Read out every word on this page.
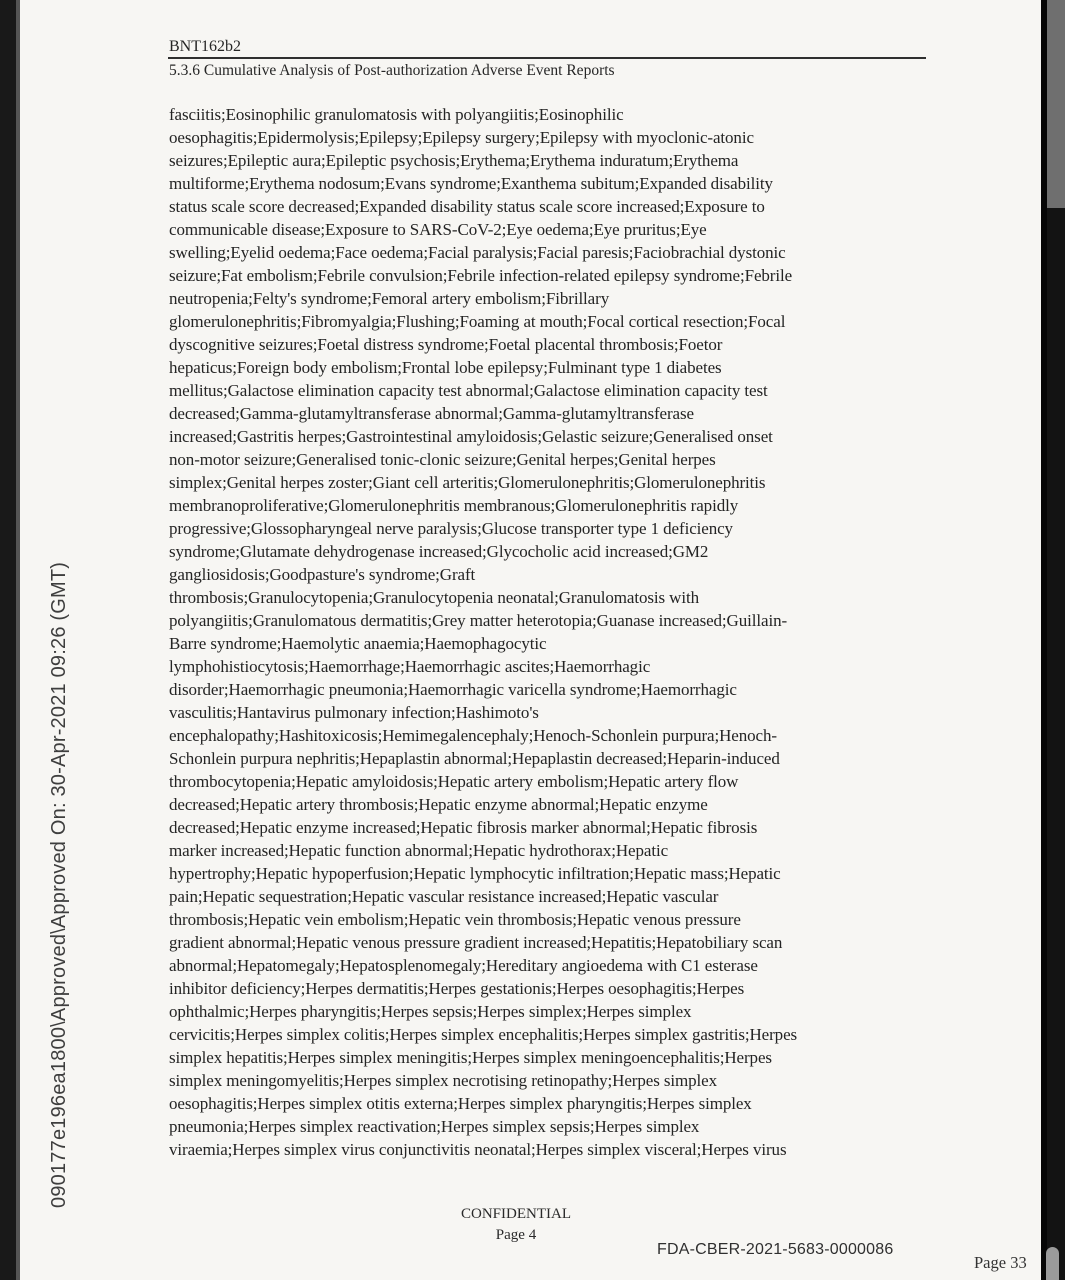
090177e196ea1800\Approved\Approved On: 30-Apr-2021 09:26 (GMT)
BNT162b2
5.3.6 Cumulative Analysis of Post-authorization Adverse Event Reports
fasciitis;Eosinophilic granulomatosis with polyangiitis;Eosinophilic
oesophagitis;Epidermolysis;Epilepsy;Epilepsy surgery;Epilepsy with myoclonic-atonic
seizures;Epileptic aura;Epileptic psychosis;Erythema;Erythema induratum;Erythema
multiforme;Erythema nodosum;Evans syndrome;Exanthema subitum;Expanded disability
status scale score decreased;Expanded disability status scale score increased;Exposure to
communicable disease;Exposure to SARS-CoV-2;Eye oedema;Eye pruritus;Eye
swelling;Eyelid oedema;Face oedema;Facial paralysis;Facial paresis;Faciobrachial dystonic
seizure;Fat embolism;Febrile convulsion;Febrile infection-related epilepsy syndrome;Febrile
neutropenia;Felty's syndrome;Femoral artery embolism;Fibrillary
glomerulonephritis;Fibromyalgia;Flushing;Foaming at mouth;Focal cortical resection;Focal
dyscognitive seizures;Foetal distress syndrome;Foetal placental thrombosis;Foetor
hepaticus;Foreign body embolism;Frontal lobe epilepsy;Fulminant type 1 diabetes
mellitus;Galactose elimination capacity test abnormal;Galactose elimination capacity test
decreased;Gamma-glutamyltransferase abnormal;Gamma-glutamyltransferase
increased;Gastritis herpes;Gastrointestinal amyloidosis;Gelastic seizure;Generalised onset
non-motor seizure;Generalised tonic-clonic seizure;Genital herpes;Genital herpes
simplex;Genital herpes zoster;Giant cell arteritis;Glomerulonephritis;Glomerulonephritis
membranoproliferative;Glomerulonephritis membranous;Glomerulonephritis rapidly
progressive;Glossopharyngeal nerve paralysis;Glucose transporter type 1 deficiency
syndrome;Glutamate dehydrogenase increased;Glycocholic acid increased;GM2
gangliosidosis;Goodpasture's syndrome;Graft
thrombosis;Granulocytopenia;Granulocytopenia neonatal;Granulomatosis with
polyangiitis;Granulomatous dermatitis;Grey matter heterotopia;Guanase increased;Guillain-
Barre syndrome;Haemolytic anaemia;Haemophagocytic
lymphohistiocytosis;Haemorrhage;Haemorrhagic ascites;Haemorrhagic
disorder;Haemorrhagic pneumonia;Haemorrhagic varicella syndrome;Haemorrhagic
vasculitis;Hantavirus pulmonary infection;Hashimoto's
encephalopathy;Hashitoxicosis;Hemimegalencephaly;Henoch-Schonlein purpura;Henoch-
Schonlein purpura nephritis;Hepaplastin abnormal;Hepaplastin decreased;Heparin-induced
thrombocytopenia;Hepatic amyloidosis;Hepatic artery embolism;Hepatic artery flow
decreased;Hepatic artery thrombosis;Hepatic enzyme abnormal;Hepatic enzyme
decreased;Hepatic enzyme increased;Hepatic fibrosis marker abnormal;Hepatic fibrosis
marker increased;Hepatic function abnormal;Hepatic hydrothorax;Hepatic
hypertrophy;Hepatic hypoperfusion;Hepatic lymphocytic infiltration;Hepatic mass;Hepatic
pain;Hepatic sequestration;Hepatic vascular resistance increased;Hepatic vascular
thrombosis;Hepatic vein embolism;Hepatic vein thrombosis;Hepatic venous pressure
gradient abnormal;Hepatic venous pressure gradient increased;Hepatitis;Hepatobiliary scan
abnormal;Hepatomegaly;Hepatosplenomegaly;Hereditary angioedema with C1 esterase
inhibitor deficiency;Herpes dermatitis;Herpes gestationis;Herpes oesophagitis;Herpes
ophthalmic;Herpes pharyngitis;Herpes sepsis;Herpes simplex;Herpes simplex
cervicitis;Herpes simplex colitis;Herpes simplex encephalitis;Herpes simplex gastritis;Herpes
simplex hepatitis;Herpes simplex meningitis;Herpes simplex meningoencephalitis;Herpes
simplex meningomyelitis;Herpes simplex necrotising retinopathy;Herpes simplex
oesophagitis;Herpes simplex otitis externa;Herpes simplex pharyngitis;Herpes simplex
pneumonia;Herpes simplex reactivation;Herpes simplex sepsis;Herpes simplex
viraemia;Herpes simplex virus conjunctivitis neonatal;Herpes simplex visceral;Herpes virus
CONFIDENTIAL
Page 4
FDA-CBER-2021-5683-0000086
Page 33
